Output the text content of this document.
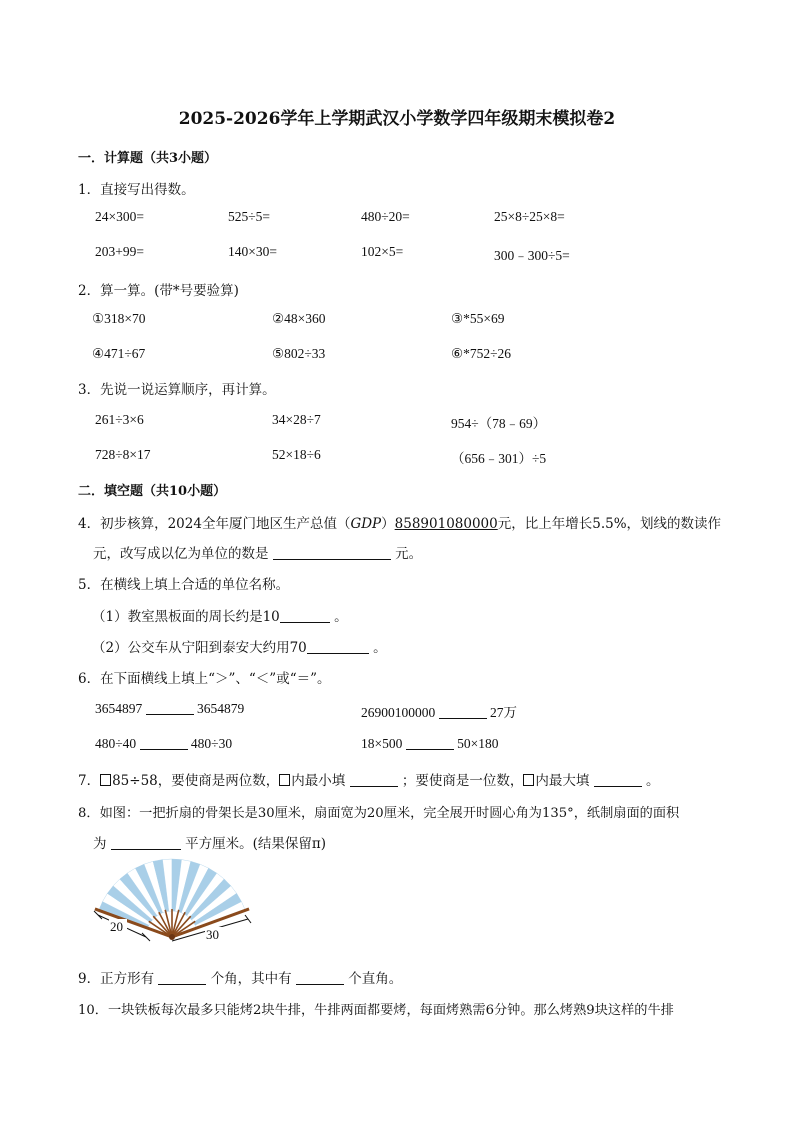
2025-2026学年上学期武汉小学数学四年级期末模拟卷2
一．计算题（共3小题）
1．直接写出得数。
24×300=	525÷5=	480÷20=	25×8÷25×8=
203+99=	140×30=	102×5=	300﹣300÷5=
2．算一算。(带*号要验算)
①318×70	②48×360	③*55×69
④471÷67	⑤802÷33	⑥*752÷26
3．先说一说运算顺序，再计算。
261÷3×6	34×28÷7	954÷（78﹣69）
728÷8×17	52×18÷6	（656﹣301）÷5
二．填空题（共10小题）
4．初步核算，2024全年厦门地区生产总值（GDP）858901080000元，比上年增长5.5%，划线的数读作
元，改写成以亿为单位的数是	元。
5．在横线上填上合适的单位名称。
（1）教室黑板面的周长约是10	。
（2）公交车从宁阳到泰安大约用70	。
6．在下面横线上填上“＞”、“＜”或“＝”。
3654897	3654879	26900100000	27万
480÷40	480÷30	18×500	50×180
7． 85÷58，要使商是两位数， 内最小填	；要使商是一位数， 内最大填	。
8．如图：一把折扇的骨架长是30厘米，扇面宽为20厘米，完全展开时圆心角为135°，纸制扇面的面积
为	平方厘米。(结果保留π)
20
30
9．正方形有	个角，其中有	个直角。
10．一块铁板每次最多只能烤2块牛排，牛排两面都要烤，每面烤熟需6分钟。那么烤熟9块这样的牛排
